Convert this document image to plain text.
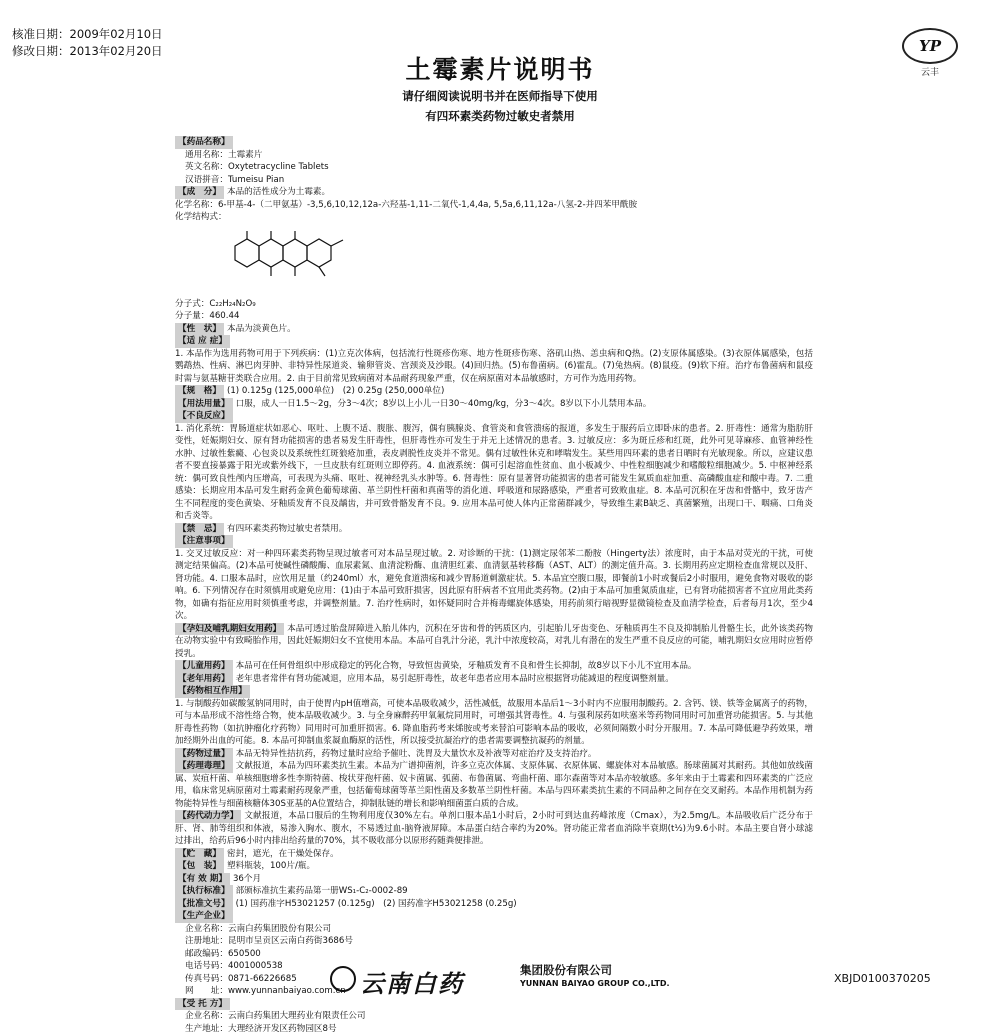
核准日期：2009年02月10日
修改日期：2013年02月20日	YP
云丰
土霉素片说明书
请仔细阅读说明书并在医师指导下使用
有四环素类药物过敏史者禁用
【药品名称】
通用名称：土霉素片
英文名称：Oxytetracycline Tablets
汉语拼音：Tumeisu Pian
【成　分】 本品的活性成分为土霉素。
化学名称：6-甲基-4-（二甲氨基）-3,5,6,10,12,12a-六羟基-1,11-二氧代-1,4,4a, 5,5a,6,11,12a-八氢-2-并四苯甲酰胺
化学结构式：
分子式：C₂₂H₂₄N₂O₉
分子量：460.44
【性　状】 本品为淡黄色片。
【适 应 症】
1. 本品作为选用药物可用于下列疾病：(1)立克次体病，包括流行性斑疹伤寒、地方性斑疹伤寒、洛矶山热、恙虫病和Q热。(2)支原体属感染。(3)衣原体属感染，包括鹦鹉热、性病、淋巴肉芽肿、非特异性尿道炎、输卵管炎、宫颈炎及沙眼。(4)回归热。(5)布鲁菌病。(6)霍乱。(7)兔热病。(8)鼠疫。(9)软下疳。治疗布鲁菌病和鼠疫时需与氨基糖苷类联合应用。2. 由于目前常见致病菌对本品耐药现象严重，仅在病原菌对本品敏感时，方可作为选用药物。
【规　格】 (1) 0.125g (125,000单位)　(2) 0.25g (250,000单位)
【用法用量】 口服，成人一日1.5～2g，分3～4次；8岁以上小儿一日30～40mg/kg，分3～4次。8岁以下小儿禁用本品。
【不良反应】
1. 消化系统：胃肠道症状如恶心、呕吐、上腹不适、腹胀、腹泻，偶有胰腺炎、食管炎和食管溃疡的报道，多发生于服药后立即卧床的患者。2. 肝毒性：通常为脂肪肝变性，妊娠期妇女、原有肾功能损害的患者易发生肝毒性，但肝毒性亦可发生于并无上述情况的患者。3. 过敏反应：多为斑丘疹和红斑，此外可见荨麻疹、血管神经性水肿、过敏性紫癜、心包炎以及系统性红斑狼疮加重，表皮剥脱性皮炎并不常见。偶有过敏性休克和哮喘发生。某些用四环素的患者日晒时有光敏现象。所以，应建议患者不要直接暴露于阳光或紫外线下，一旦皮肤有红斑则立即停药。4. 血液系统：偶可引起溶血性贫血、血小板减少、中性粒细胞减少和嗜酸粒细胞减少。5. 中枢神经系统：偶可致良性颅内压增高，可表现为头痛、呕吐、视神经乳头水肿等。6. 肾毒性：原有显著肾功能损害的患者可能发生氮质血症加重、高磷酸血症和酸中毒。7. 二重感染：长期应用本品可发生耐药金黄色葡萄球菌、革兰阴性杆菌和真菌等的消化道、呼吸道和尿路感染，严重者可致败血症。8. 本品可沉积在牙齿和骨骼中，致牙齿产生不同程度的变色黄染、牙釉质发育不良及龋齿，并可致骨骼发育不良。9. 应用本品可使人体内正常菌群减少，导致维生素B缺乏、真菌繁殖，出现口干、咽痛、口角炎和舌炎等。
【禁　忌】 有四环素类药物过敏史者禁用。
【注意事项】
1. 交叉过敏反应：对一种四环素类药物呈现过敏者可对本品呈现过敏。2. 对诊断的干扰：(1)测定尿邻苯二酚胺（Hingerty法）浓度时，由于本品对荧光的干扰，可使测定结果偏高。(2)本品可使碱性磷酸酶、血尿素氮、血清淀粉酶、血清胆红素、血清氨基转移酶（AST、ALT）的测定值升高。3. 长期用药应定期检查血常规以及肝、肾功能。4. 口服本品时，应饮用足量（约240ml）水，避免食道溃疡和减少胃肠道刺激症状。5. 本品宜空腹口服，即餐前1小时或餐后2小时服用，避免食物对吸收的影响。6. 下列情况存在时须慎用或避免应用：(1)由于本品可致肝损害，因此原有肝病者不宜用此类药物。(2)由于本品可加重氮质血症，已有肾功能损害者不宜应用此类药物，如确有指征应用时须慎重考虑，并调整剂量。7. 治疗性病时，如怀疑同时合并梅毒螺旋体感染，用药前须行暗视野显微镜检查及血清学检查，后者每月1次，至少4次。
【孕妇及哺乳期妇女用药】 本品可透过胎盘屏障进入胎儿体内，沉积在牙齿和骨的钙质区内，引起胎儿牙齿变色、牙釉质再生不良及抑制胎儿骨骼生长，此外该类药物在动物实验中有致畸胎作用，因此妊娠期妇女不宜使用本品。本品可自乳汁分泌，乳汁中浓度较高，对乳儿有潜在的发生严重不良反应的可能，哺乳期妇女应用时应暂停授乳。
【儿童用药】 本品可在任何骨组织中形成稳定的钙化合物，导致恒齿黄染，牙釉质发育不良和骨生长抑制，故8岁以下小儿不宜用本品。
【老年用药】 老年患者常伴有肾功能减退，应用本品，易引起肝毒性，故老年患者应用本品时应根据肾功能减退的程度调整剂量。
【药物相互作用】
1. 与制酸药如碳酸氢钠同用时，由于使胃内pH值增高，可使本品吸收减少，活性减低，故服用本品后1～3小时内不应服用制酸药。2. 含钙、镁、铁等金属离子的药物，可与本品形成不溶性络合物，使本品吸收减少。3. 与全身麻醉药甲氧氟烷同用时，可增强其肾毒性。4. 与强利尿药如呋塞米等药物同用时可加重肾功能损害。5. 与其他肝毒性药物（如抗肿瘤化疗药物）同用时可加重肝损害。6. 降血脂药考来烯胺或考来替泊可影响本品的吸收，必须间隔数小时分开服用。7. 本品可降低避孕药效果，增加经期外出血的可能。8. 本品可抑制血浆凝血酶原的活性，所以接受抗凝治疗的患者需要调整抗凝药的剂量。
【药物过量】 本品无特异性拮抗药，药物过量时应给予催吐、洗胃及大量饮水及补液等对症治疗及支持治疗。
【药理毒理】 文献报道，本品为四环素类抗生素。本品为广谱抑菌剂，许多立克次体属、支原体属、衣原体属、螺旋体对本品敏感。肠球菌属对其耐药。其他如放线菌属、炭疽杆菌、单核细胞增多性李斯特菌、梭状芽孢杆菌、奴卡菌属、弧菌、布鲁菌属、弯曲杆菌、耶尔森菌等对本品亦较敏感。多年来由于土霉素和四环素类的广泛应用，临床常见病原菌对土霉素耐药现象严重，包括葡萄球菌等革兰阳性菌及多数革兰阴性杆菌。本品与四环素类抗生素的不同品种之间存在交叉耐药。本品作用机制为药物能特异性与细菌核糖体30S亚基的A位置结合，抑制肽链的增长和影响细菌蛋白质的合成。
【药代动力学】 文献报道，本品口服后的生物利用度仅30%左右。单剂口服本品1小时后，2小时可到达血药峰浓度（Cmax），为2.5mg/L。本品吸收后广泛分布于肝、肾、肺等组织和体液，易渗入胸水、腹水，不易透过血-脑脊液屏障。本品蛋白结合率约为20%。肾功能正常者血消除半衰期(t½)为9.6小时。本品主要自肾小球滤过排出，给药后96小时内排出给药量的70%，其不吸收部分以原形药随粪便排泄。
【贮　藏】 密封，遮光，在干燥处保存。
【包　装】 塑料瓶装，100片/瓶。
【有 效 期】 36个月
【执行标准】 部颁标准抗生素药品第一册WS₁-C₂-0002-89
【批准文号】 (1) 国药准字H53021257 (0.125g)　(2) 国药准字H53021258 (0.25g)
【生产企业】
企业名称：云南白药集团股份有限公司
注册地址：昆明市呈贡区云南白药街3686号
邮政编码：650500
电话号码：4001000538
传真号码：0871-66226685
网　　址：www.yunnanbaiyao.com.cn
【受 托 方】
企业名称：云南白药集团大理药业有限责任公司
生产地址：大理经济开发区药物园区8号
云南白药	集团股份有限公司
YUNNAN BAIYAO GROUP CO.,LTD.	XBJD0100370205
